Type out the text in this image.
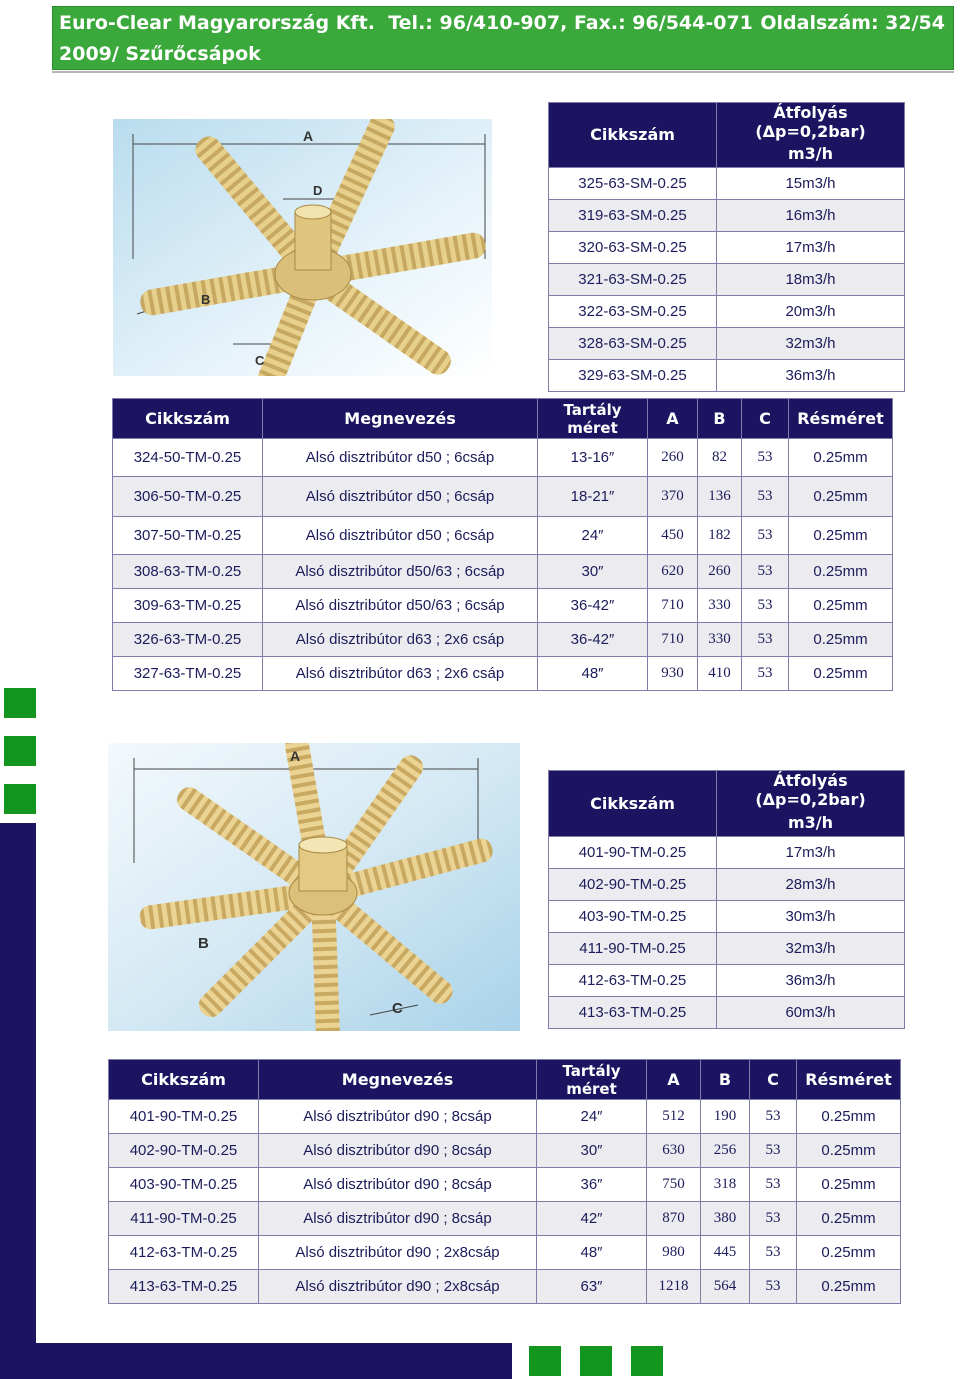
Euro-Clear Magyarország Kft. Tel.: 96/410-907, Fax.: 96/544-071 Oldalszám: 32/54
2009/ Szűrőcsápok
A
D
B
C
Cikkszám	Átfolyás (Δp=0,2bar)
	m3/h
325-63-SM-0.25	15m3/h
319-63-SM-0.25	16m3/h
320-63-SM-0.25	17m3/h
321-63-SM-0.25	18m3/h
322-63-SM-0.25	20m3/h
328-63-SM-0.25	32m3/h
329-63-SM-0.25	36m3/h
Cikkszám	Megnevezés	Tartály
méret	A	B	C	Résméret
324-50-TM-0.25	Alsó disztribútor d50 ; 6csáp	13-16″	260	82	53	0.25mm
306-50-TM-0.25	Alsó disztribútor d50 ; 6csáp	18-21″	370	136	53	0.25mm
307-50-TM-0.25	Alsó disztribútor d50 ; 6csáp	24″	450	182	53	0.25mm
308-63-TM-0.25	Alsó disztribútor d50/63 ; 6csáp	30″	620	260	53	0.25mm
309-63-TM-0.25	Alsó disztribútor d50/63 ; 6csáp	36-42″	710	330	53	0.25mm
326-63-TM-0.25	Alsó disztribútor d63 ; 2x6 csáp	36-42″	710	330	53	0.25mm
327-63-TM-0.25	Alsó disztribútor d63 ; 2x6 csáp	48″	930	410	53	0.25mm
A
B
C
Cikkszám	Átfolyás (Δp=0,2bar)
	m3/h
401-90-TM-0.25	17m3/h
402-90-TM-0.25	28m3/h
403-90-TM-0.25	30m3/h
411-90-TM-0.25	32m3/h
412-63-TM-0.25	36m3/h
413-63-TM-0.25	60m3/h
Cikkszám	Megnevezés	Tartály
méret	A	B	C	Résméret
401-90-TM-0.25	Alsó disztribútor d90 ; 8csáp	24″	512	190	53	0.25mm
402-90-TM-0.25	Alsó disztribútor d90 ; 8csáp	30″	630	256	53	0.25mm
403-90-TM-0.25	Alsó disztribútor d90 ; 8csáp	36″	750	318	53	0.25mm
411-90-TM-0.25	Alsó disztribútor d90 ; 8csáp	42″	870	380	53	0.25mm
412-63-TM-0.25	Alsó disztribútor d90 ; 2x8csáp	48″	980	445	53	0.25mm
413-63-TM-0.25	Alsó disztribútor d90 ; 2x8csáp	63″	1218	564	53	0.25mm
